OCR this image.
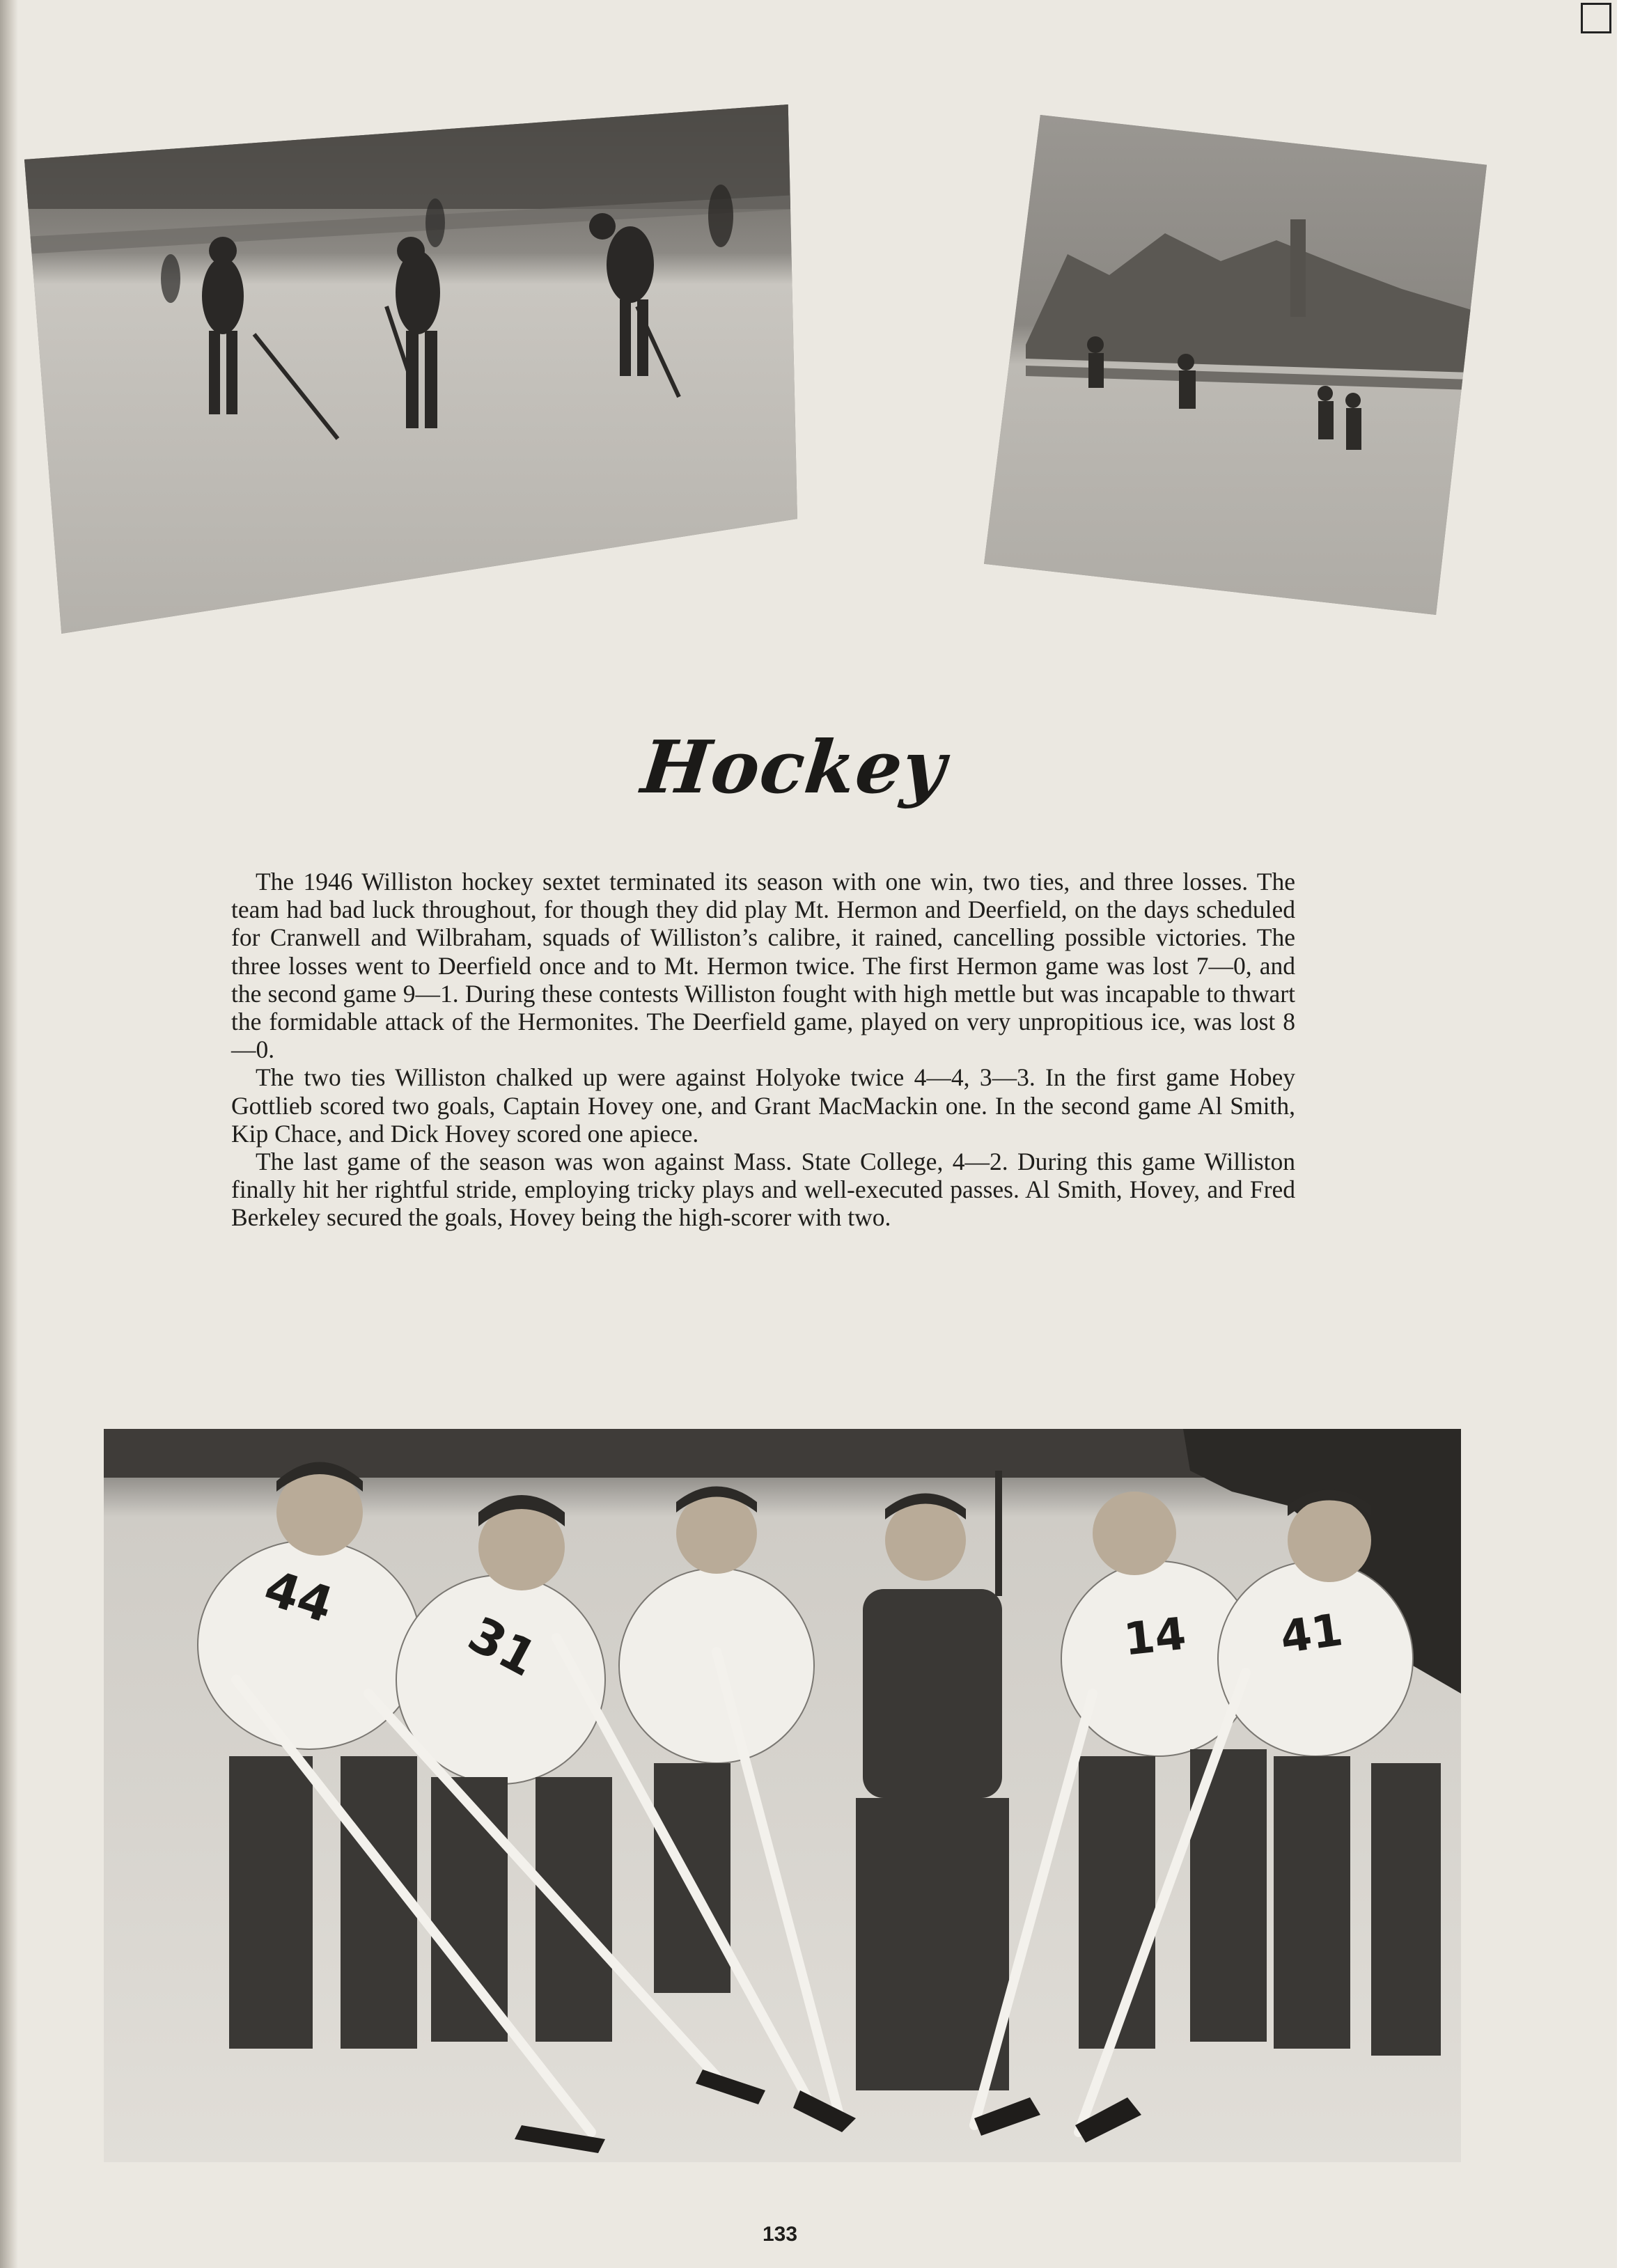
Hockey

The 1946 Williston hockey sextet terminated its season with one win, two ties, and three losses. The team had bad luck throughout, for though they did play Mt. Hermon and Deerfield, on the days scheduled for Cranwell and Wilbraham, squads of Williston’s calibre, it rained, cancelling possible victories. The three losses went to Deerfield once and to Mt. Hermon twice. The first Hermon game was lost 7—0, and the second game 9—1. During these contests Williston fought with high mettle but was incapable to thwart the formidable attack of the Hermonites. The Deerfield game, played on very unpropitious ice, was lost 8—0.

The two ties Williston chalked up were against Holyoke twice 4—4, 3—3. In the first game Hobey Gottlieb scored two goals, Captain Hovey one, and Grant MacMackin one. In the second game Al Smith, Kip Chace, and Dick Hovey scored one apiece.

The last game of the season was won against Mass. State College, 4—2. During this game Williston finally hit her rightful stride, employing tricky plays and well-executed passes. Al Smith, Hovey, and Fred Berkeley secured the goals, Hovey being the high-scorer with two.

44
31	14 41
133
